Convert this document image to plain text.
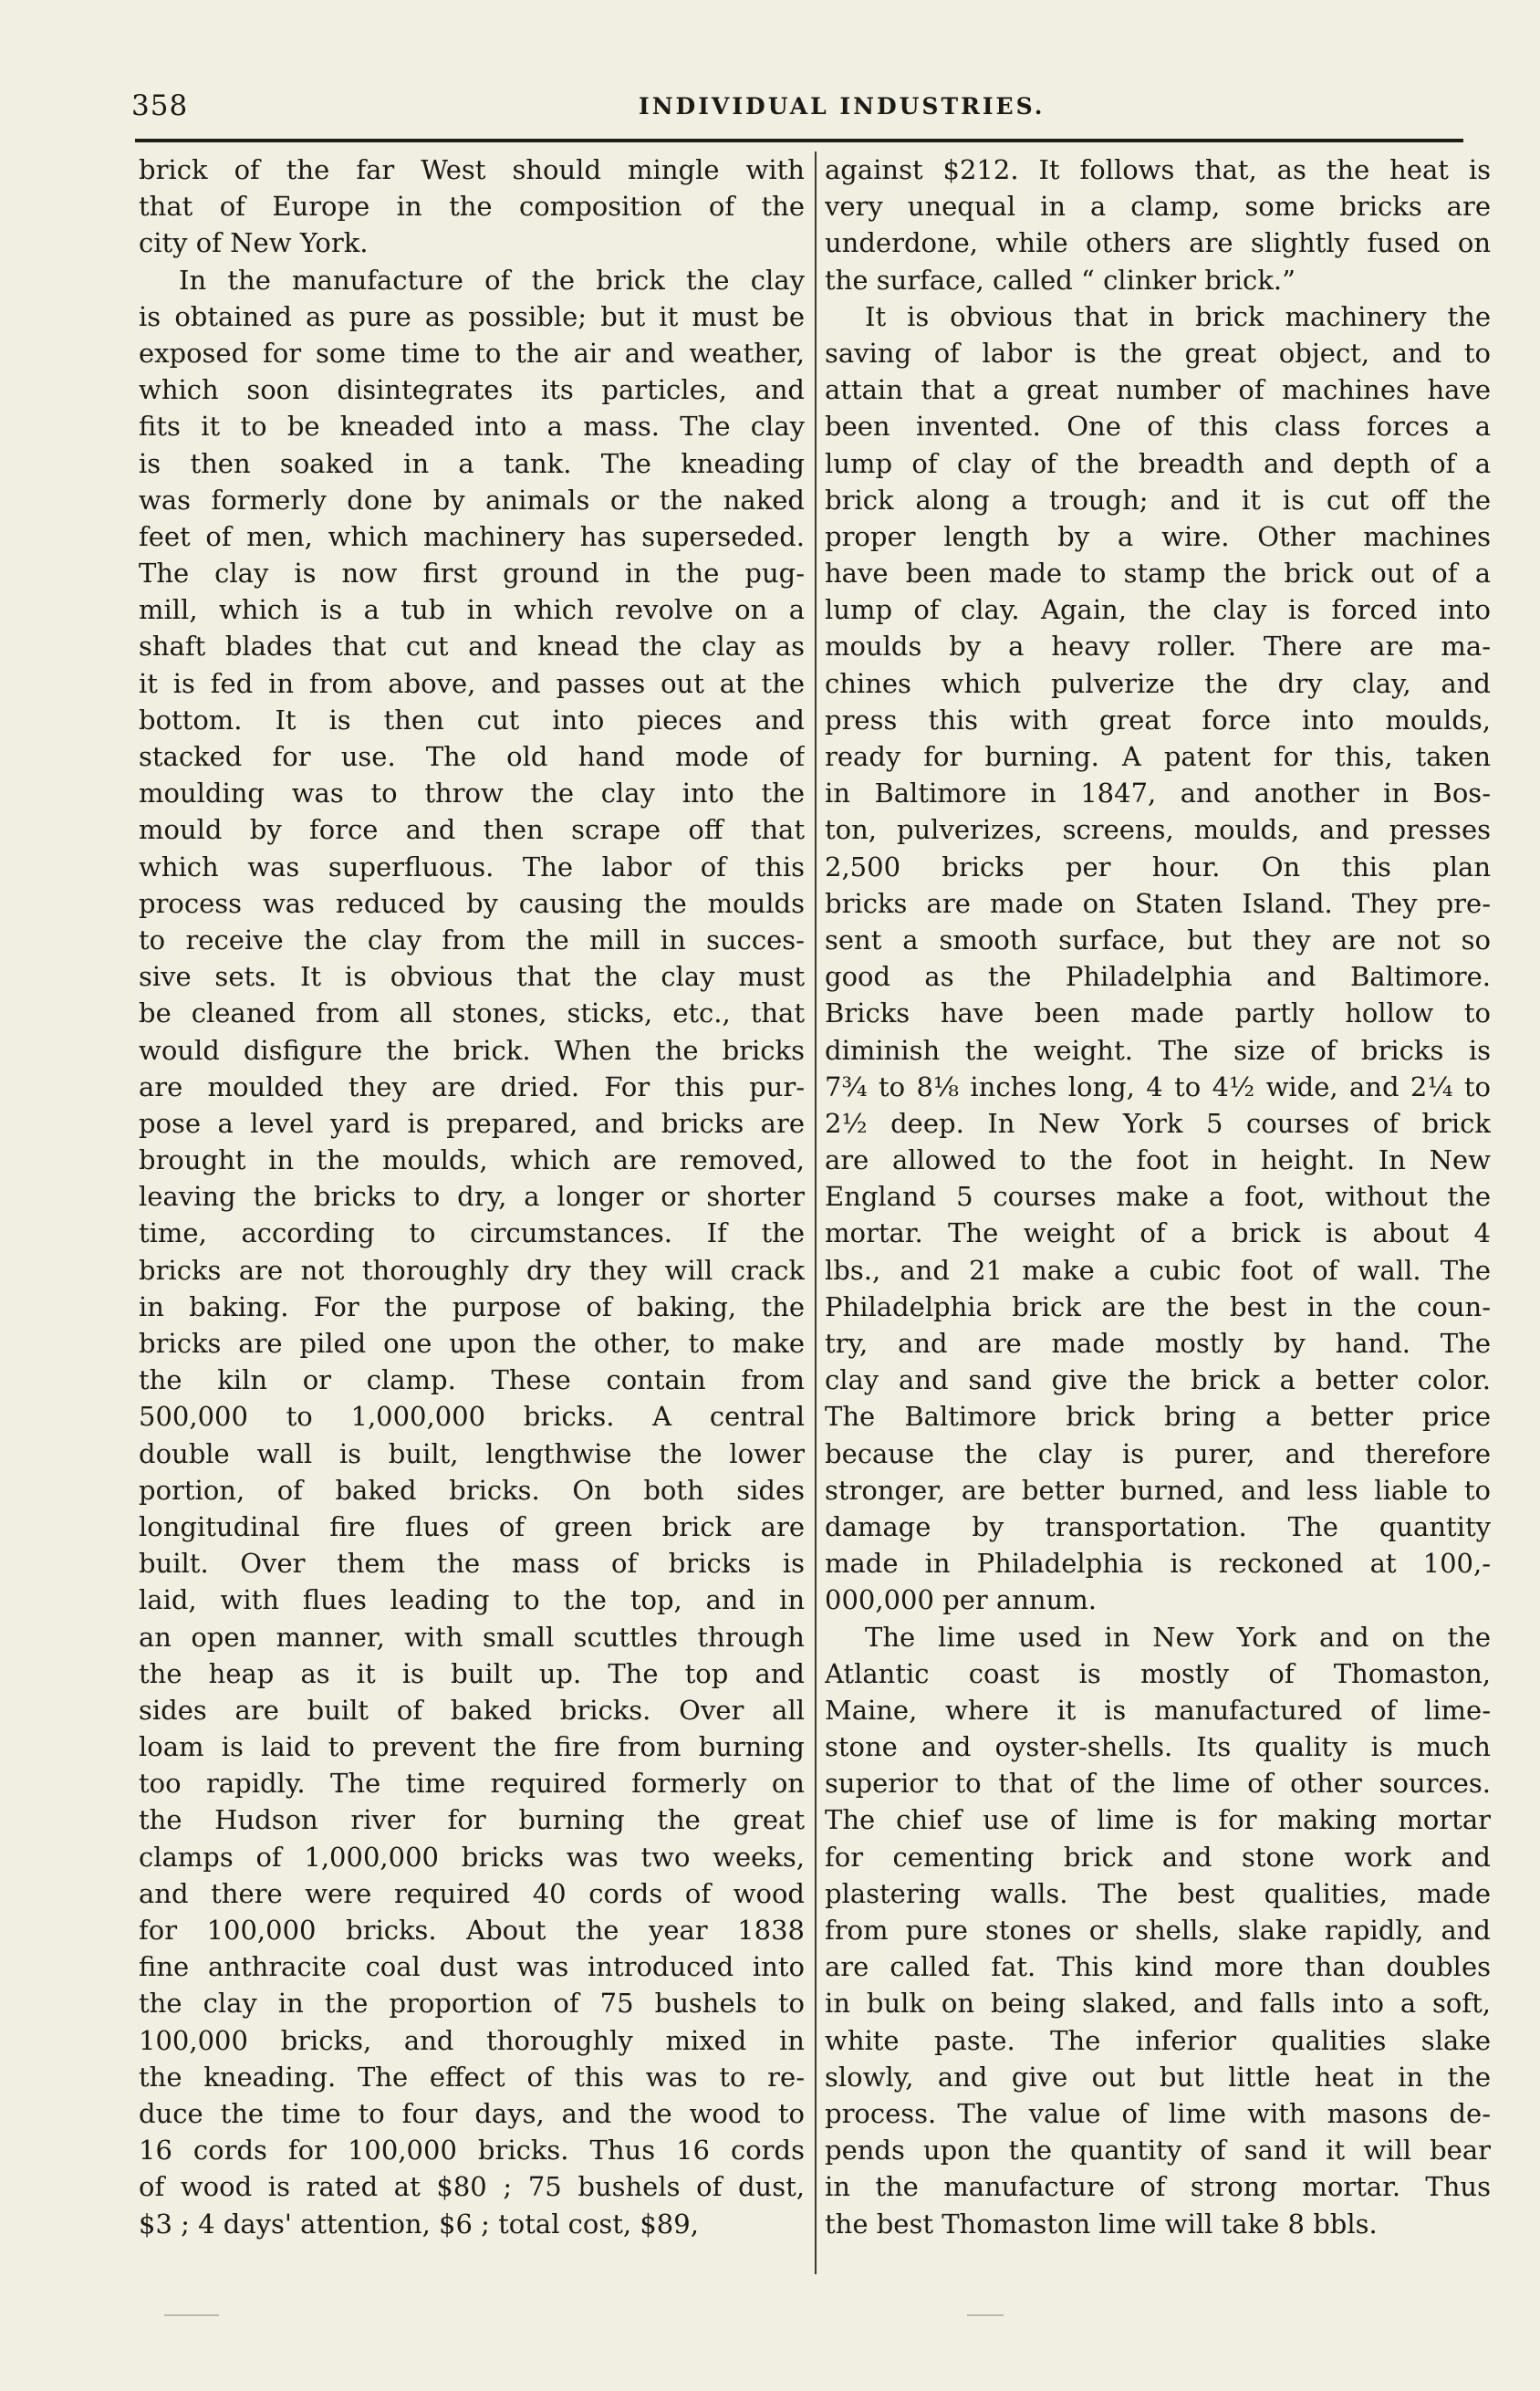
358	INDIVIDUAL INDUSTRIES.
brick of the far West should mingle with
that of Europe in the composition of the
city of New York.
In the manufacture of the brick the clay
is obtained as pure as possible; but it must be
exposed for some time to the air and weather,
which soon disintegrates its particles, and
fits it to be kneaded into a mass. The clay
is then soaked in a tank. The kneading
was formerly done by animals or the naked
feet of men, which machinery has superseded.
The clay is now first ground in the pug-
mill, which is a tub in which revolve on a
shaft blades that cut and knead the clay as
it is fed in from above, and passes out at the
bottom. It is then cut into pieces and
stacked for use. The old hand mode of
moulding was to throw the clay into the
mould by force and then scrape off that
which was superfluous. The labor of this
process was reduced by causing the moulds
to receive the clay from the mill in succes-
sive sets. It is obvious that the clay must
be cleaned from all stones, sticks, etc., that
would disfigure the brick. When the bricks
are moulded they are dried. For this pur-
pose a level yard is prepared, and bricks are
brought in the moulds, which are removed,
leaving the bricks to dry, a longer or shorter
time, according to circumstances. If the
bricks are not thoroughly dry they will crack
in baking. For the purpose of baking, the
bricks are piled one upon the other, to make
the kiln or clamp. These contain from
500,000 to 1,000,000 bricks. A central
double wall is built, lengthwise the lower
portion, of baked bricks. On both sides
longitudinal fire flues of green brick are
built. Over them the mass of bricks is
laid, with flues leading to the top, and in
an open manner, with small scuttles through
the heap as it is built up. The top and
sides are built of baked bricks. Over all
loam is laid to prevent the fire from burning
too rapidly. The time required formerly on
the Hudson river for burning the great
clamps of 1,000,000 bricks was two weeks,
and there were required 40 cords of wood
for 100,000 bricks. About the year 1838
fine anthracite coal dust was introduced into
the clay in the proportion of 75 bushels to
100,000 bricks, and thoroughly mixed in
the kneading. The effect of this was to re-
duce the time to four days, and the wood to
16 cords for 100,000 bricks. Thus 16 cords
of wood is rated at $80 ; 75 bushels of dust,
$3 ; 4 days' attention, $6 ; total cost, $89,
against $212. It follows that, as the heat is
very unequal in a clamp, some bricks are
underdone, while others are slightly fused on
the surface, called “ clinker brick.”
It is obvious that in brick machinery the
saving of labor is the great object, and to
attain that a great number of machines have
been invented. One of this class forces a
lump of clay of the breadth and depth of a
brick along a trough; and it is cut off the
proper length by a wire. Other machines
have been made to stamp the brick out of a
lump of clay. Again, the clay is forced into
moulds by a heavy roller. There are ma-
chines which pulverize the dry clay, and
press this with great force into moulds,
ready for burning. A patent for this, taken
in Baltimore in 1847, and another in Bos-
ton, pulverizes, screens, moulds, and presses
2,500 bricks per hour. On this plan
bricks are made on Staten Island. They pre-
sent a smooth surface, but they are not so
good as the Philadelphia and Baltimore.
Bricks have been made partly hollow to
diminish the weight. The size of bricks is
7¾ to 8⅛ inches long, 4 to 4½ wide, and 2¼ to
2½ deep. In New York 5 courses of brick
are allowed to the foot in height. In New
England 5 courses make a foot, without the
mortar. The weight of a brick is about 4
lbs., and 21 make a cubic foot of wall. The
Philadelphia brick are the best in the coun-
try, and are made mostly by hand. The
clay and sand give the brick a better color.
The Baltimore brick bring a better price
because the clay is purer, and therefore
stronger, are better burned, and less liable to
damage by transportation. The quantity
made in Philadelphia is reckoned at 100,-
000,000 per annum.
The lime used in New York and on the
Atlantic coast is mostly of Thomaston,
Maine, where it is manufactured of lime-
stone and oyster-shells. Its quality is much
superior to that of the lime of other sources.
The chief use of lime is for making mortar
for cementing brick and stone work and
plastering walls. The best qualities, made
from pure stones or shells, slake rapidly, and
are called fat. This kind more than doubles
in bulk on being slaked, and falls into a soft,
white paste. The inferior qualities slake
slowly, and give out but little heat in the
process. The value of lime with masons de-
pends upon the quantity of sand it will bear
in the manufacture of strong mortar. Thus
the best Thomaston lime will take 8 bbls.
